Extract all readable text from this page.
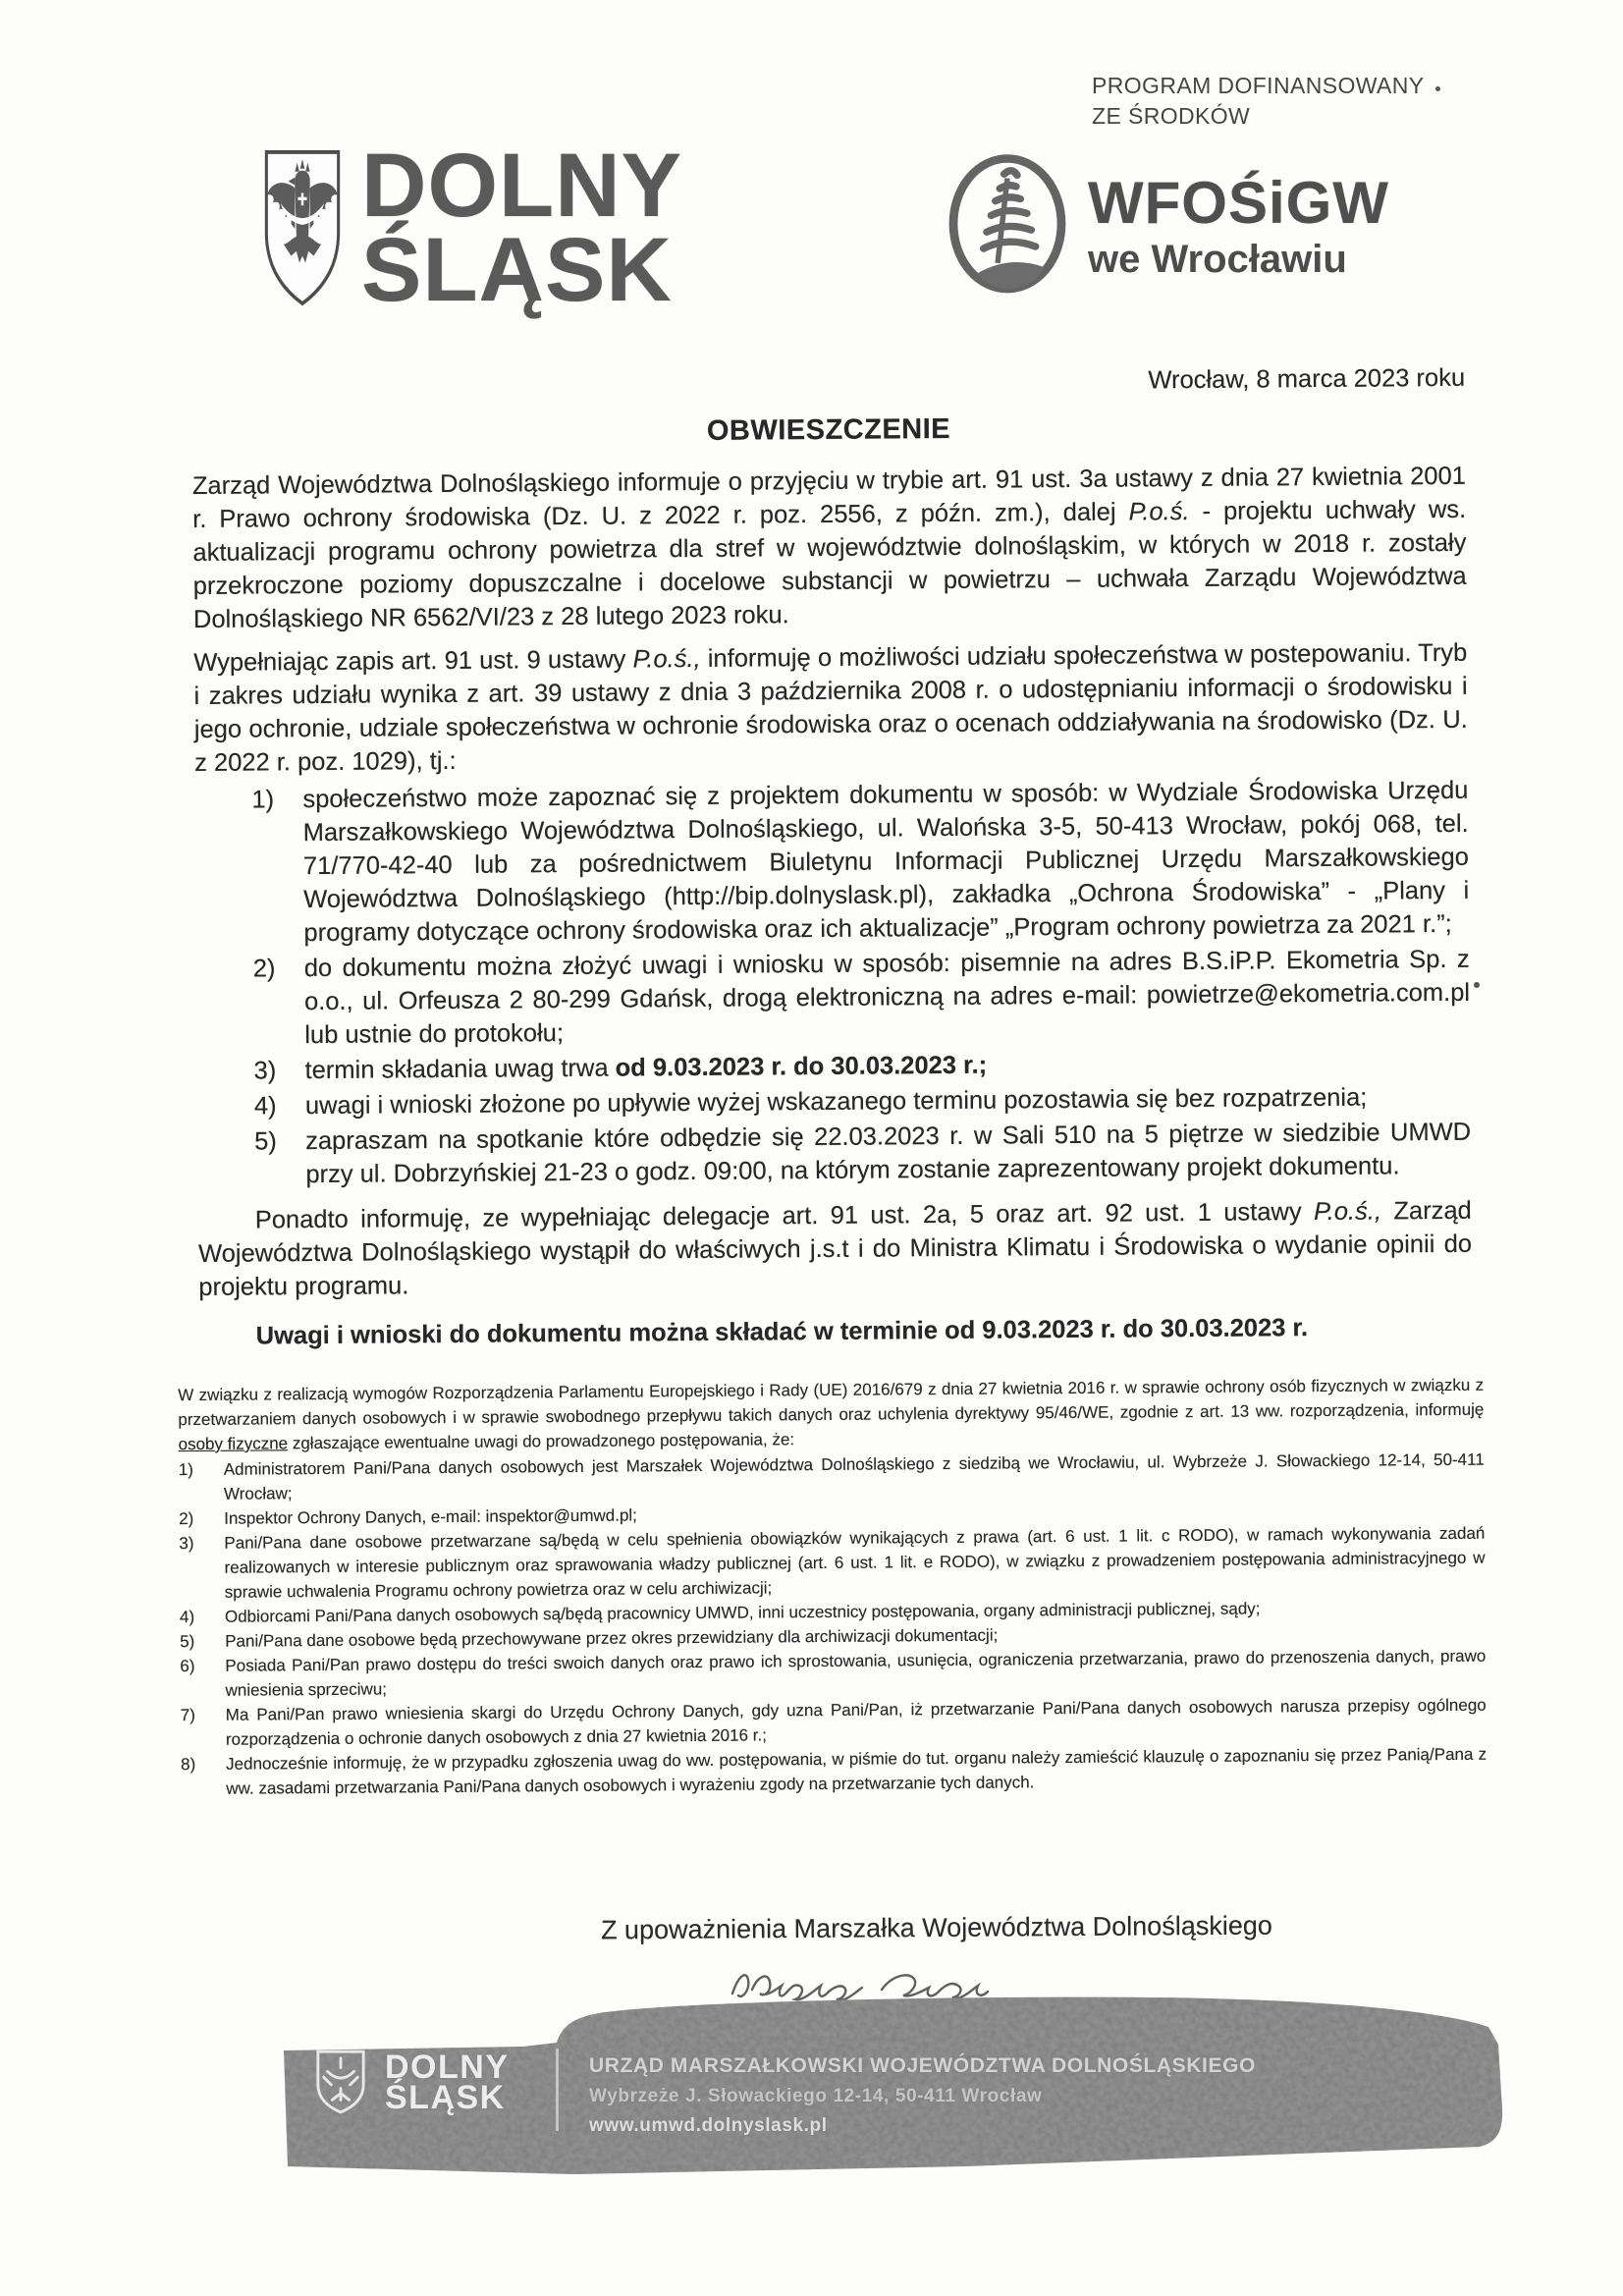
DOLNY
ŚLĄSK
PROGRAM DOFINANSOWANY
ZE ŚRODKÓW
WFOŚiGW
we Wrocławiu
Wrocław, 8 marca 2023 roku
OBWIESZCZENIE

Zarząd Województwa Dolnośląskiego informuje o przyjęciu w trybie art. 91 ust. 3a ustawy z dnia 27 kwietnia 2001 r. Prawo ochrony środowiska (Dz. U. z 2022 r. poz. 2556, z późn. zm.), dalej P.o.ś. - projektu uchwały ws. aktualizacji programu ochrony powietrza dla stref w województwie dolnośląskim, w których w 2018 r. zostały przekroczone poziomy dopuszczalne i docelowe substancji w powietrzu – uchwała Zarządu Województwa Dolnośląskiego NR 6562/VI/23 z 28 lutego 2023 roku.

Wypełniając zapis art. 91 ust. 9 ustawy P.o.ś., informuję o możliwości udziału społeczeństwa w postepowaniu. Tryb i zakres udziału wynika z art. 39 ustawy z dnia 3 października 2008 r. o udostępnianiu informacji o środowisku i jego ochronie, udziale społeczeństwa w ochronie środowiska oraz o ocenach oddziaływania na środowisko (Dz. U. z 2022 r. poz. 1029), tj.:

1)	społeczeństwo może zapoznać się z projektem dokumentu w sposób: w Wydziale Środowiska Urzędu Marszałkowskiego Województwa Dolnośląskiego, ul. Walońska 3-5, 50-413 Wrocław, pokój 068, tel. 71/770-42-40 lub za pośrednictwem Biuletynu Informacji Publicznej Urzędu Marszałkowskiego Województwa Dolnośląskiego (http://bip.dolnyslask.pl), zakładka „Ochrona Środowiska” - „Plany i programy dotyczące ochrony środowiska oraz ich aktualizacje” „Program ochrony powietrza za 2021 r.”;
2)	do dokumentu można złożyć uwagi i wniosku w sposób: pisemnie na adres B.S.iP.P. Ekometria Sp. z o.o., ul. Orfeusza 2 80-299 Gdańsk, drogą elektroniczną na adres e-mail: powietrze@ekometria.com.pl lub ustnie do protokołu;
3)	termin składania uwag trwa od 9.03.2023 r. do 30.03.2023 r.;
4)	uwagi i wnioski złożone po upływie wyżej wskazanego terminu pozostawia się bez rozpatrzenia;
5)	zapraszam na spotkanie które odbędzie się 22.03.2023 r. w Sali 510 na 5 piętrze w siedzibie UMWD przy ul. Dobrzyńskiej 21-23 o godz. 09:00, na którym zostanie zaprezentowany projekt dokumentu.

Ponadto informuję, ze wypełniając delegacje art. 91 ust. 2a, 5 oraz art. 92 ust. 1 ustawy P.o.ś., Zarząd Województwa Dolnośląskiego wystąpił do właściwych j.s.t i do Ministra Klimatu i Środowiska o wydanie opinii do projektu programu.

Uwagi i wnioski do dokumentu można składać w terminie od 9.03.2023 r. do 30.03.2023 r.
W związku z realizacją wymogów Rozporządzenia Parlamentu Europejskiego i Rady (UE) 2016/679 z dnia 27 kwietnia 2016 r. w sprawie ochrony osób fizycznych w związku z przetwarzaniem danych osobowych i w sprawie swobodnego przepływu takich danych oraz uchylenia dyrektywy 95/46/WE, zgodnie z art. 13 ww. rozporządzenia, informuję osoby fizyczne zgłaszające ewentualne uwagi do prowadzonego postępowania, że:
1)	Administratorem Pani/Pana danych osobowych jest Marszałek Województwa Dolnośląskiego z siedzibą we Wrocławiu, ul. Wybrzeże J. Słowackiego 12-14, 50-411 Wrocław;
2)	Inspektor Ochrony Danych, e-mail: inspektor@umwd.pl;
3)	Pani/Pana dane osobowe przetwarzane są/będą w celu spełnienia obowiązków wynikających z prawa (art. 6 ust. 1 lit. c RODO), w ramach wykonywania zadań realizowanych w interesie publicznym oraz sprawowania władzy publicznej (art. 6 ust. 1 lit. e RODO), w związku z prowadzeniem postępowania administracyjnego w sprawie uchwalenia Programu ochrony powietrza oraz w celu archiwizacji;
4)	Odbiorcami Pani/Pana danych osobowych są/będą pracownicy UMWD, inni uczestnicy postępowania, organy administracji publicznej, sądy;
5)	Pani/Pana dane osobowe będą przechowywane przez okres przewidziany dla archiwizacji dokumentacji;
6)	Posiada Pani/Pan prawo dostępu do treści swoich danych oraz prawo ich sprostowania, usunięcia, ograniczenia przetwarzania, prawo do przenoszenia danych, prawo wniesienia sprzeciwu;
7)	Ma Pani/Pan prawo wniesienia skargi do Urzędu Ochrony Danych, gdy uzna Pani/Pan, iż przetwarzanie Pani/Pana danych osobowych narusza przepisy ogólnego rozporządzenia o ochronie danych osobowych z dnia 27 kwietnia 2016 r.;
8)	Jednocześnie informuję, że w przypadku zgłoszenia uwag do ww. postępowania, w piśmie do tut. organu należy zamieścić klauzulę o zapoznaniu się przez Panią/Pana z ww. zasadami przetwarzania Pani/Pana danych osobowych i wyrażeniu zgody na przetwarzanie tych danych.
Z upoważnienia Marszałka Województwa Dolnośląskiego
DOLNY
ŚLĄSK
URZĄD MARSZAŁKOWSKI WOJEWÓDZTWA DOLNOŚLĄSKIEGO
Wybrzeże J. Słowackiego 12-14, 50-411 Wrocław
www.umwd.dolnyslask.pl
